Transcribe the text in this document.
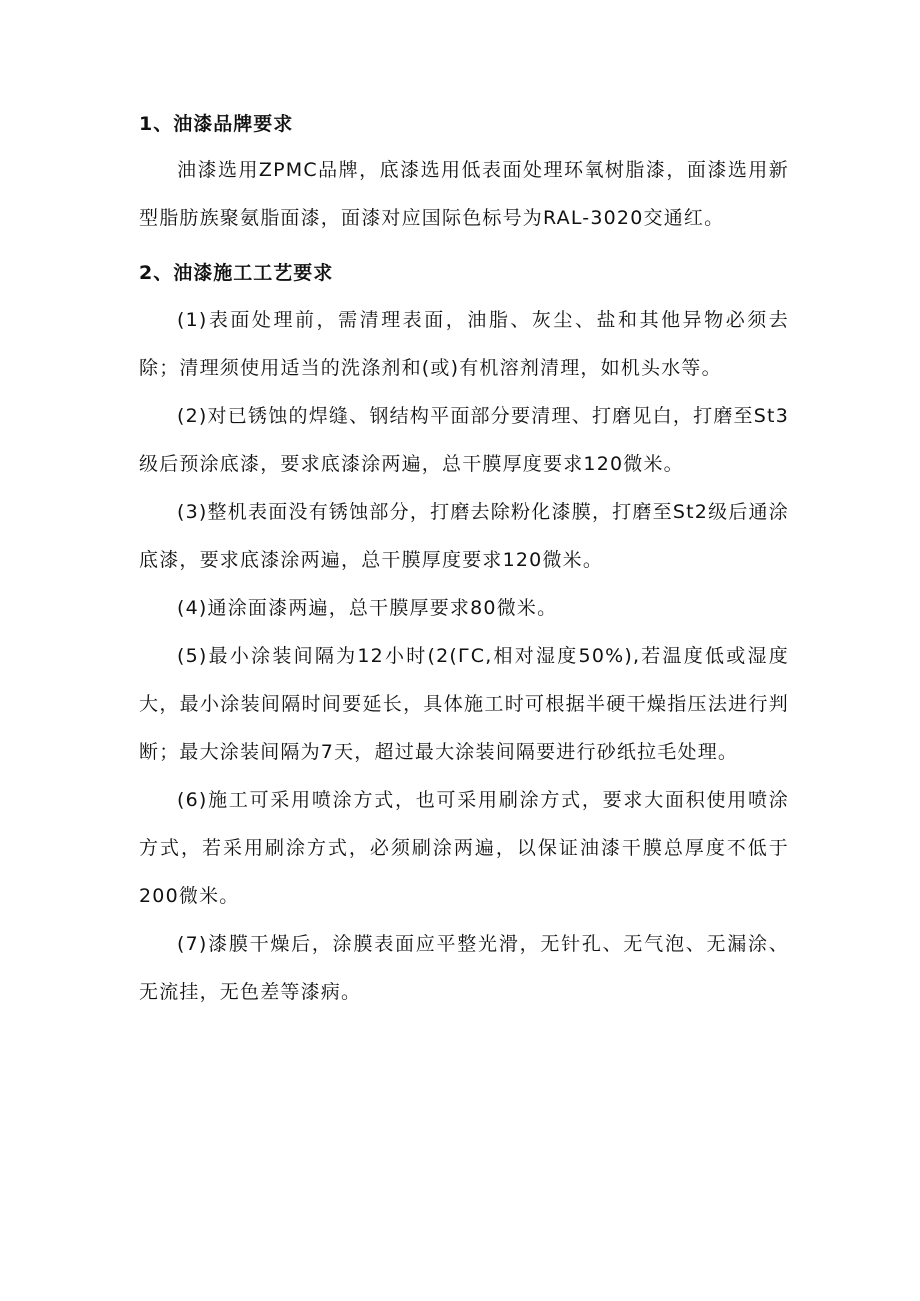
1、油漆品牌要求

油漆选用ZPMC品牌，底漆选用低表面处理环氧树脂漆，面漆选用新型脂肪族聚氨脂面漆，面漆对应国际色标号为RAL-3020交通红。

2、油漆施工工艺要求

(1)表面处理前，需清理表面，油脂、灰尘、盐和其他异物必须去除；清理须使用适当的洗涤剂和(或)有机溶剂清理，如机头水等。

(2)对已锈蚀的焊缝、钢结构平面部分要清理、打磨见白，打磨至St3级后预涂底漆，要求底漆涂两遍，总干膜厚度要求120微米。

(3)整机表面没有锈蚀部分，打磨去除粉化漆膜，打磨至St2级后通涂底漆，要求底漆涂两遍，总干膜厚度要求120微米。

(4)通涂面漆两遍，总干膜厚要求80微米。

(5)最小涂装间隔为12小时(2(ГС,相对湿度50%),若温度低或湿度大，最小涂装间隔时间要延长，具体施工时可根据半硬干燥指压法进行判断；最大涂装间隔为7天，超过最大涂装间隔要进行砂纸拉毛处理。

(6)施工可采用喷涂方式，也可采用刷涂方式，要求大面积使用喷涂方式，若采用刷涂方式，必须刷涂两遍，以保证油漆干膜总厚度不低于200微米。

(7)漆膜干燥后，涂膜表面应平整光滑，无针孔、无气泡、无漏涂、无流挂，无色差等漆病。
